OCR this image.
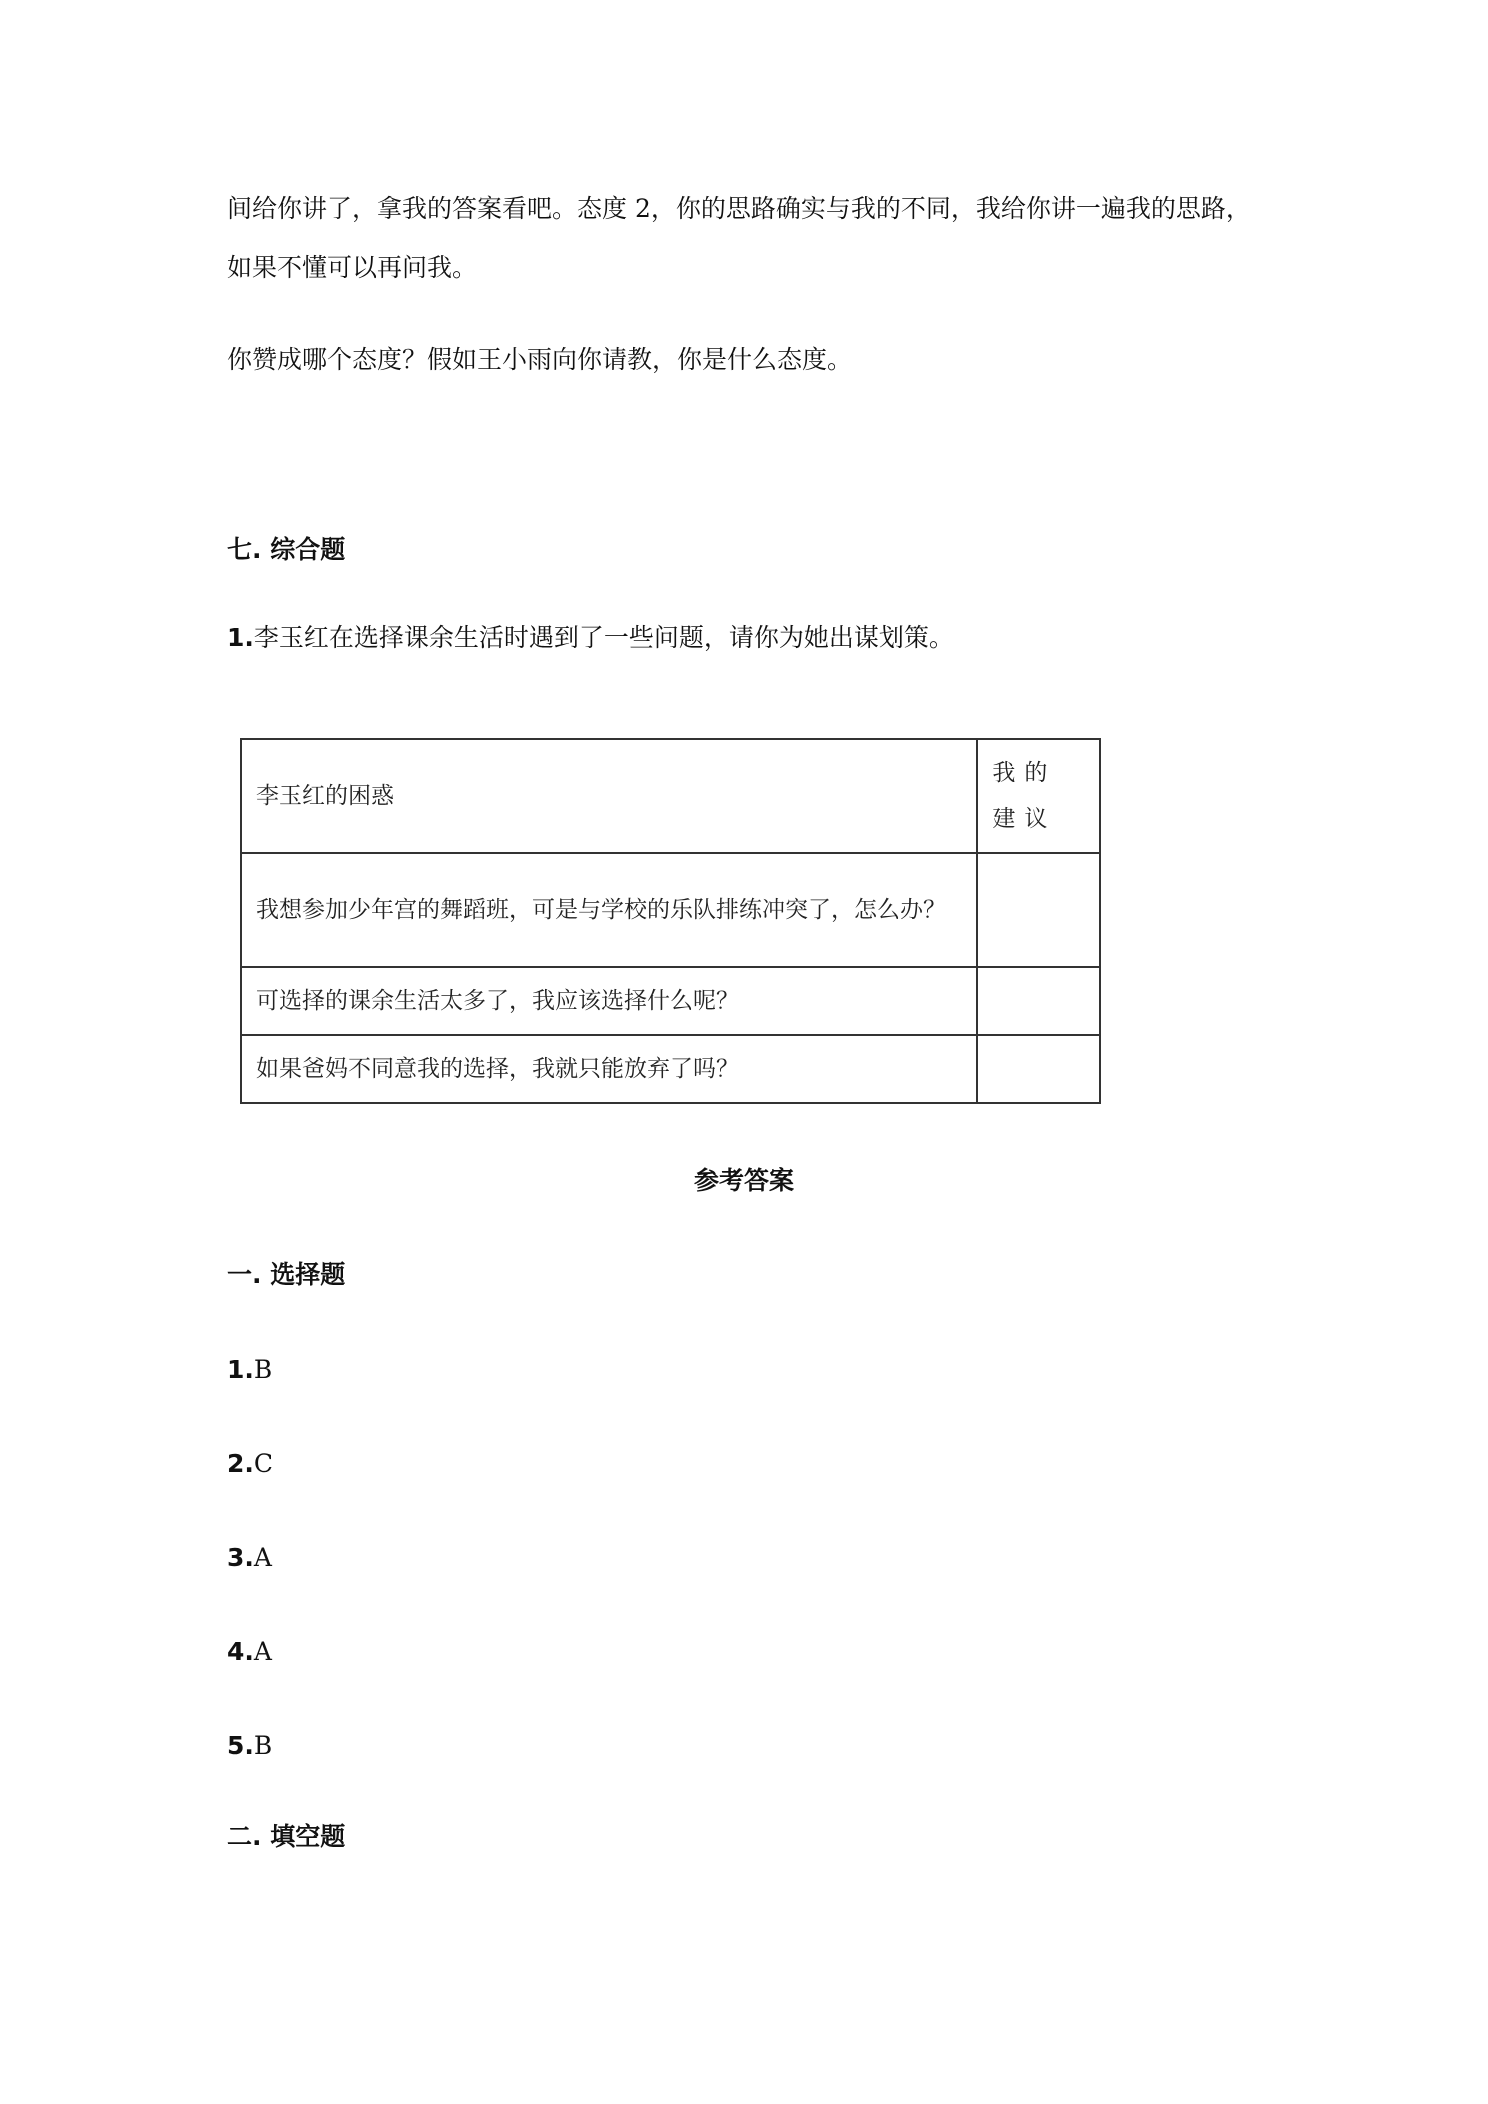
间给你讲了，拿我的答案看吧。态度 2，你的思路确实与我的不同，我给你讲一遍我的思路，

如果不懂可以再问我。

你赞成哪个态度？假如王小雨向你请教，你是什么态度。

七. 综合题

1.李玉红在选择课余生活时遇到了一些问题，请你为她出谋划策。

李玉红的困惑	我的建议
我想参加少年宫的舞蹈班，可是与学校的乐队排练冲突了，怎么办？	
可选择的课余生活太多了，我应该选择什么呢？	
如果爸妈不同意我的选择，我就只能放弃了吗？	
参考答案
一. 选择题

1.B

2.C

3.A

4.A

5.B

二. 填空题
